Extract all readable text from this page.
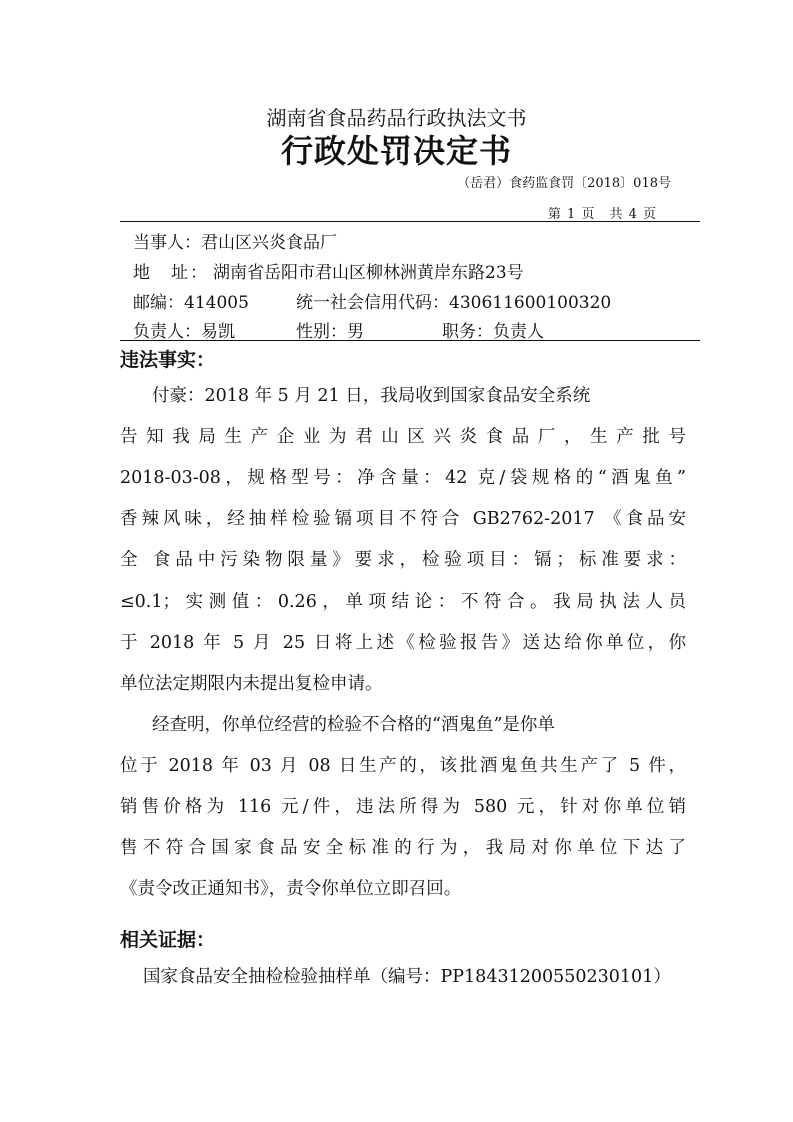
湖南省食品药品行政执法文书
行政处罚决定书
（岳君）食药监食罚〔2018〕018号
第 1 页　共 4 页
当事人：君山区兴炎食品厂
地　址： 湖南省岳阳市君山区柳林洲黄岸东路23号
邮编：414005	统一社会信用代码：430611600100320
负责人：易凯	性别：男	职务：负责人
违法事实：
付豪：2018 年 5 月 21 日，我局收到国家食品安全系统
告知我局生产企业为君山区兴炎食品厂，生产批号
2018-03-08，规格型号：净含量：42 克/袋规格的“酒鬼鱼”
香辣风味，经抽样检验镉项目不符合 GB2762-2017 《食品安
全 食品中污染物限量》要求，检验项目：镉；标准要求：
≤0.1；实测值：0.26，单项结论：不符合。我局执法人员
于 2018 年 5 月 25 日将上述《检验报告》送达给你单位，你
单位法定期限内未提出复检申请。
经查明，你单位经营的检验不合格的“酒鬼鱼”是你单
位于 2018 年 03 月 08 日生产的，该批酒鬼鱼共生产了 5 件，
销售价格为 116 元/件，违法所得为 580 元，针对你单位销
售不符合国家食品安全标准的行为，我局对你单位下达了
《责令改正通知书》，责令你单位立即召回。
相关证据：
国家食品安全抽检检验抽样单（编号：PP18431200550230101）
